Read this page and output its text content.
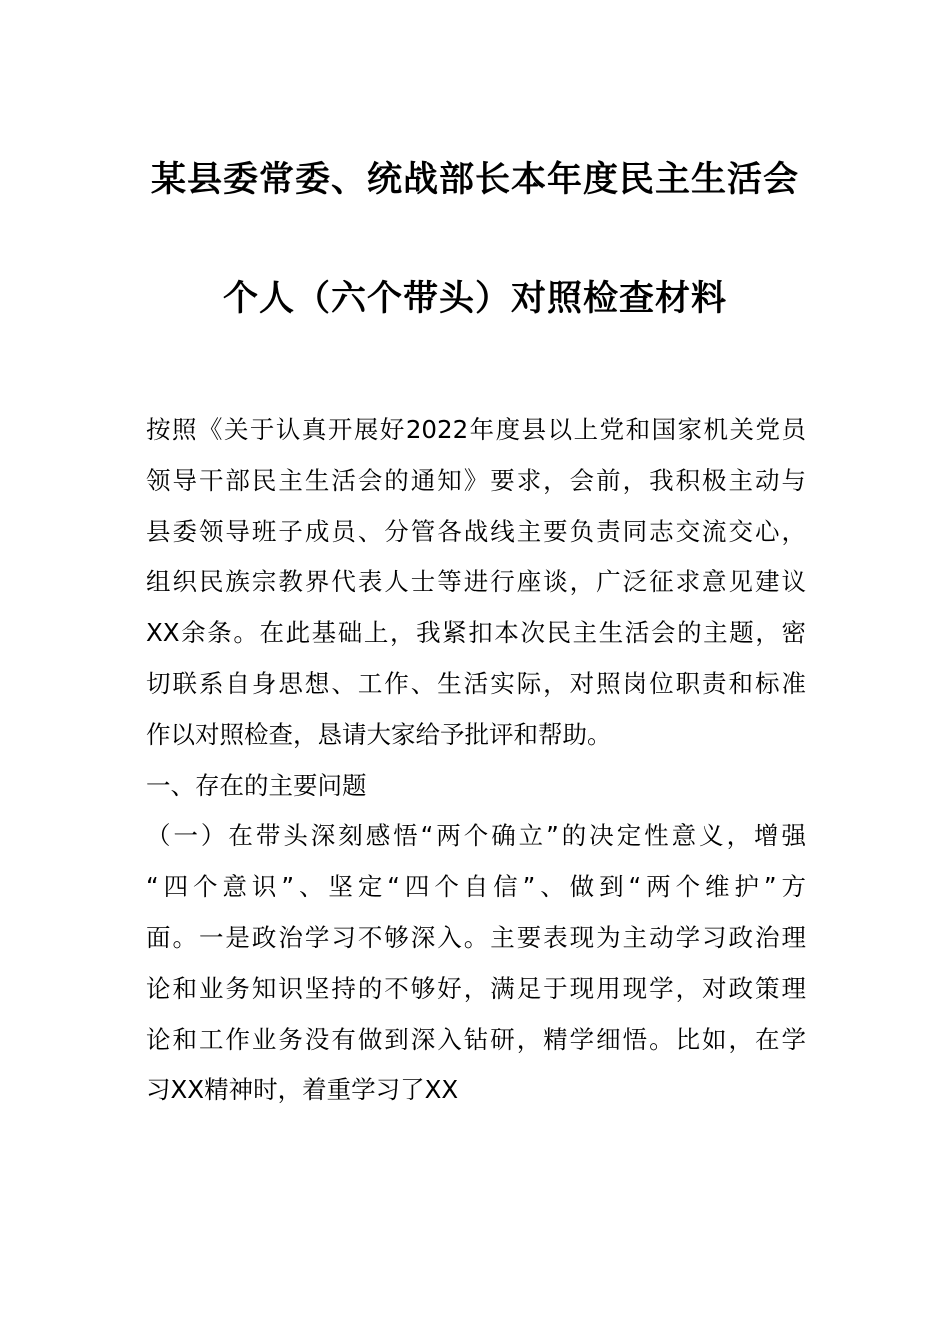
某县委常委、统战部长本年度民主生活会
个人（六个带头）对照检查材料
按照《关于认真开展好2022年度县以上党和国家机关党员
领导干部民主生活会的通知》要求，会前，我积极主动与
县委领导班子成员、分管各战线主要负责同志交流交心，
组织民族宗教界代表人士等进行座谈，广泛征求意见建议
XX余条。在此基础上，我紧扣本次民主生活会的主题，密
切联系自身思想、工作、生活实际，对照岗位职责和标准
作以对照检查，恳请大家给予批评和帮助。
一、存在的主要问题
（一）在带头深刻感悟“两个确立”的决定性意义，增强
“四个意识”、坚定“四个自信”、做到“两个维护”方
面。一是政治学习不够深入。主要表现为主动学习政治理
论和业务知识坚持的不够好，满足于现用现学，对政策理
论和工作业务没有做到深入钻研，精学细悟。比如，在学
习XX精神时，着重学习了XX
